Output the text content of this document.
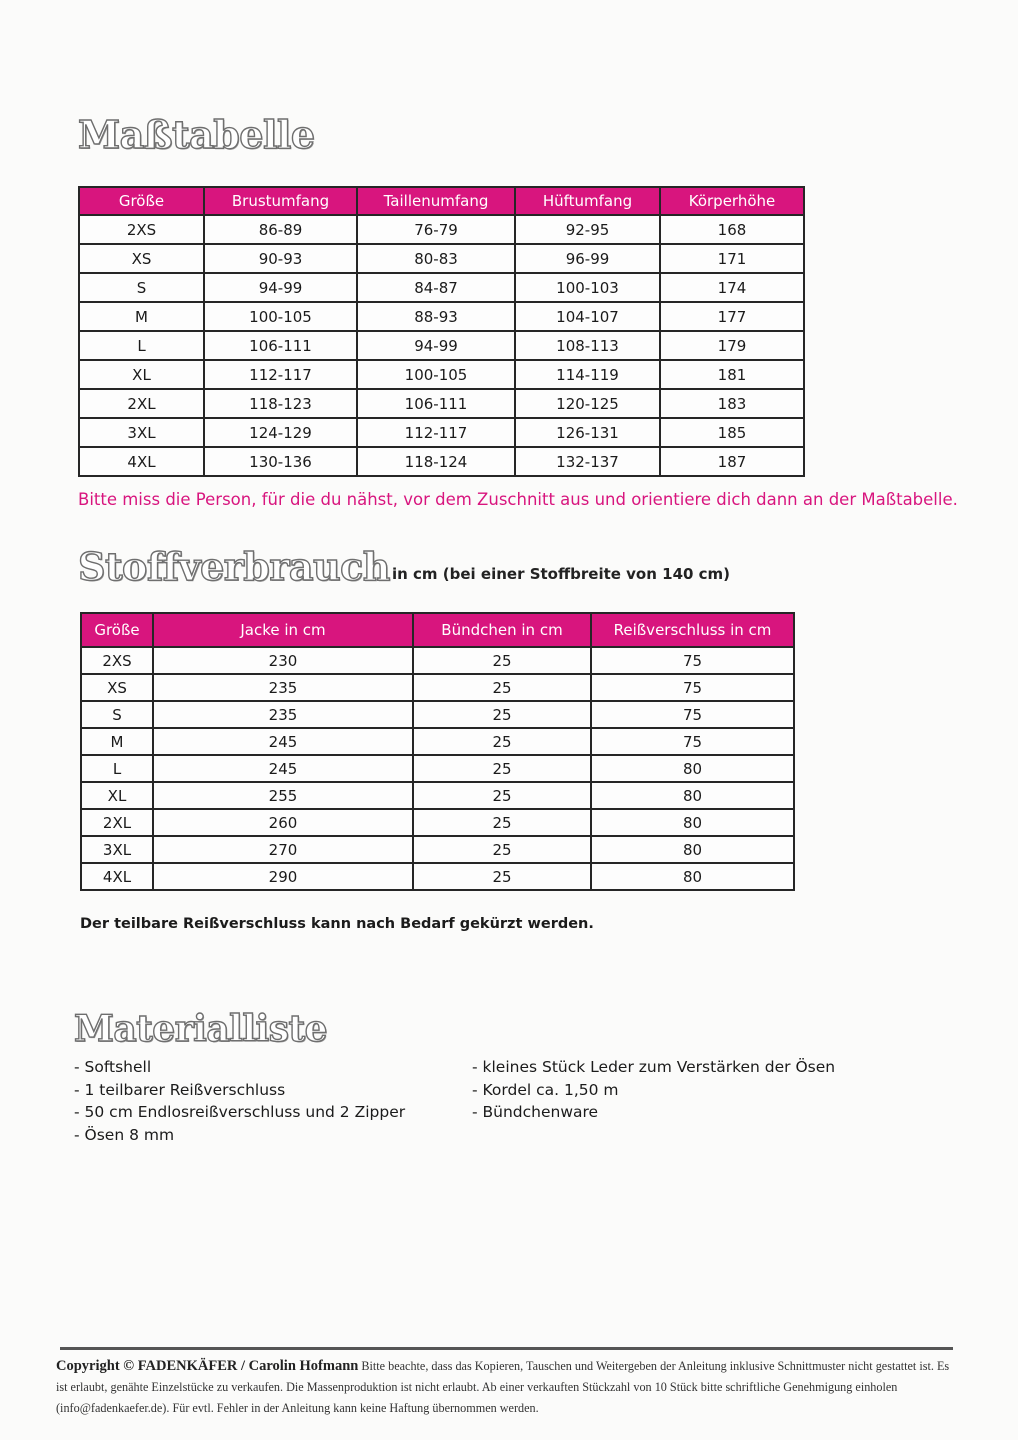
Maßtabelle
Größe	Brustumfang	Taillenumfang	Hüftumfang	Körperhöhe
2XS	86-89	76-79	92-95	168
XS	90-93	80-83	96-99	171
S	94-99	84-87	100-103	174
M	100-105	88-93	104-107	177
L	106-111	94-99	108-113	179
XL	112-117	100-105	114-119	181
2XL	118-123	106-111	120-125	183
3XL	124-129	112-117	126-131	185
4XL	130-136	118-124	132-137	187
Bitte miss die Person, für die du nähst, vor dem Zuschnitt aus und orientiere dich dann an der Maßtabelle.
Stoffverbrauch in cm (bei einer Stoffbreite von 140 cm)
Größe	Jacke in cm	Bündchen in cm	Reißverschluss in cm
2XS	230	25	75
XS	235	25	75
S	235	25	75
M	245	25	75
L	245	25	80
XL	255	25	80
2XL	260	25	80
3XL	270	25	80
4XL	290	25	80
Der teilbare Reißverschluss kann nach Bedarf gekürzt werden.
Materialliste
- Softshell
- 1 teilbarer Reißverschluss
- 50 cm Endlosreißverschluss und 2 Zipper
- Ösen 8 mm
- kleines Stück Leder zum Verstärken der Ösen
- Kordel ca. 1,50 m
- Bündchenware
Copyright © FADENKÄFER / Carolin Hofmann Bitte beachte, dass das Kopieren, Tauschen und Weitergeben der Anleitung inklusive Schnittmuster nicht gestattet ist. Es ist erlaubt, genähte Einzelstücke zu verkaufen. Die Massenproduktion ist nicht erlaubt. Ab einer verkauften Stückzahl von 10 Stück bitte schriftliche Genehmigung einholen (info@fadenkaefer.de). Für evtl. Fehler in der Anleitung kann keine Haftung übernommen werden.
